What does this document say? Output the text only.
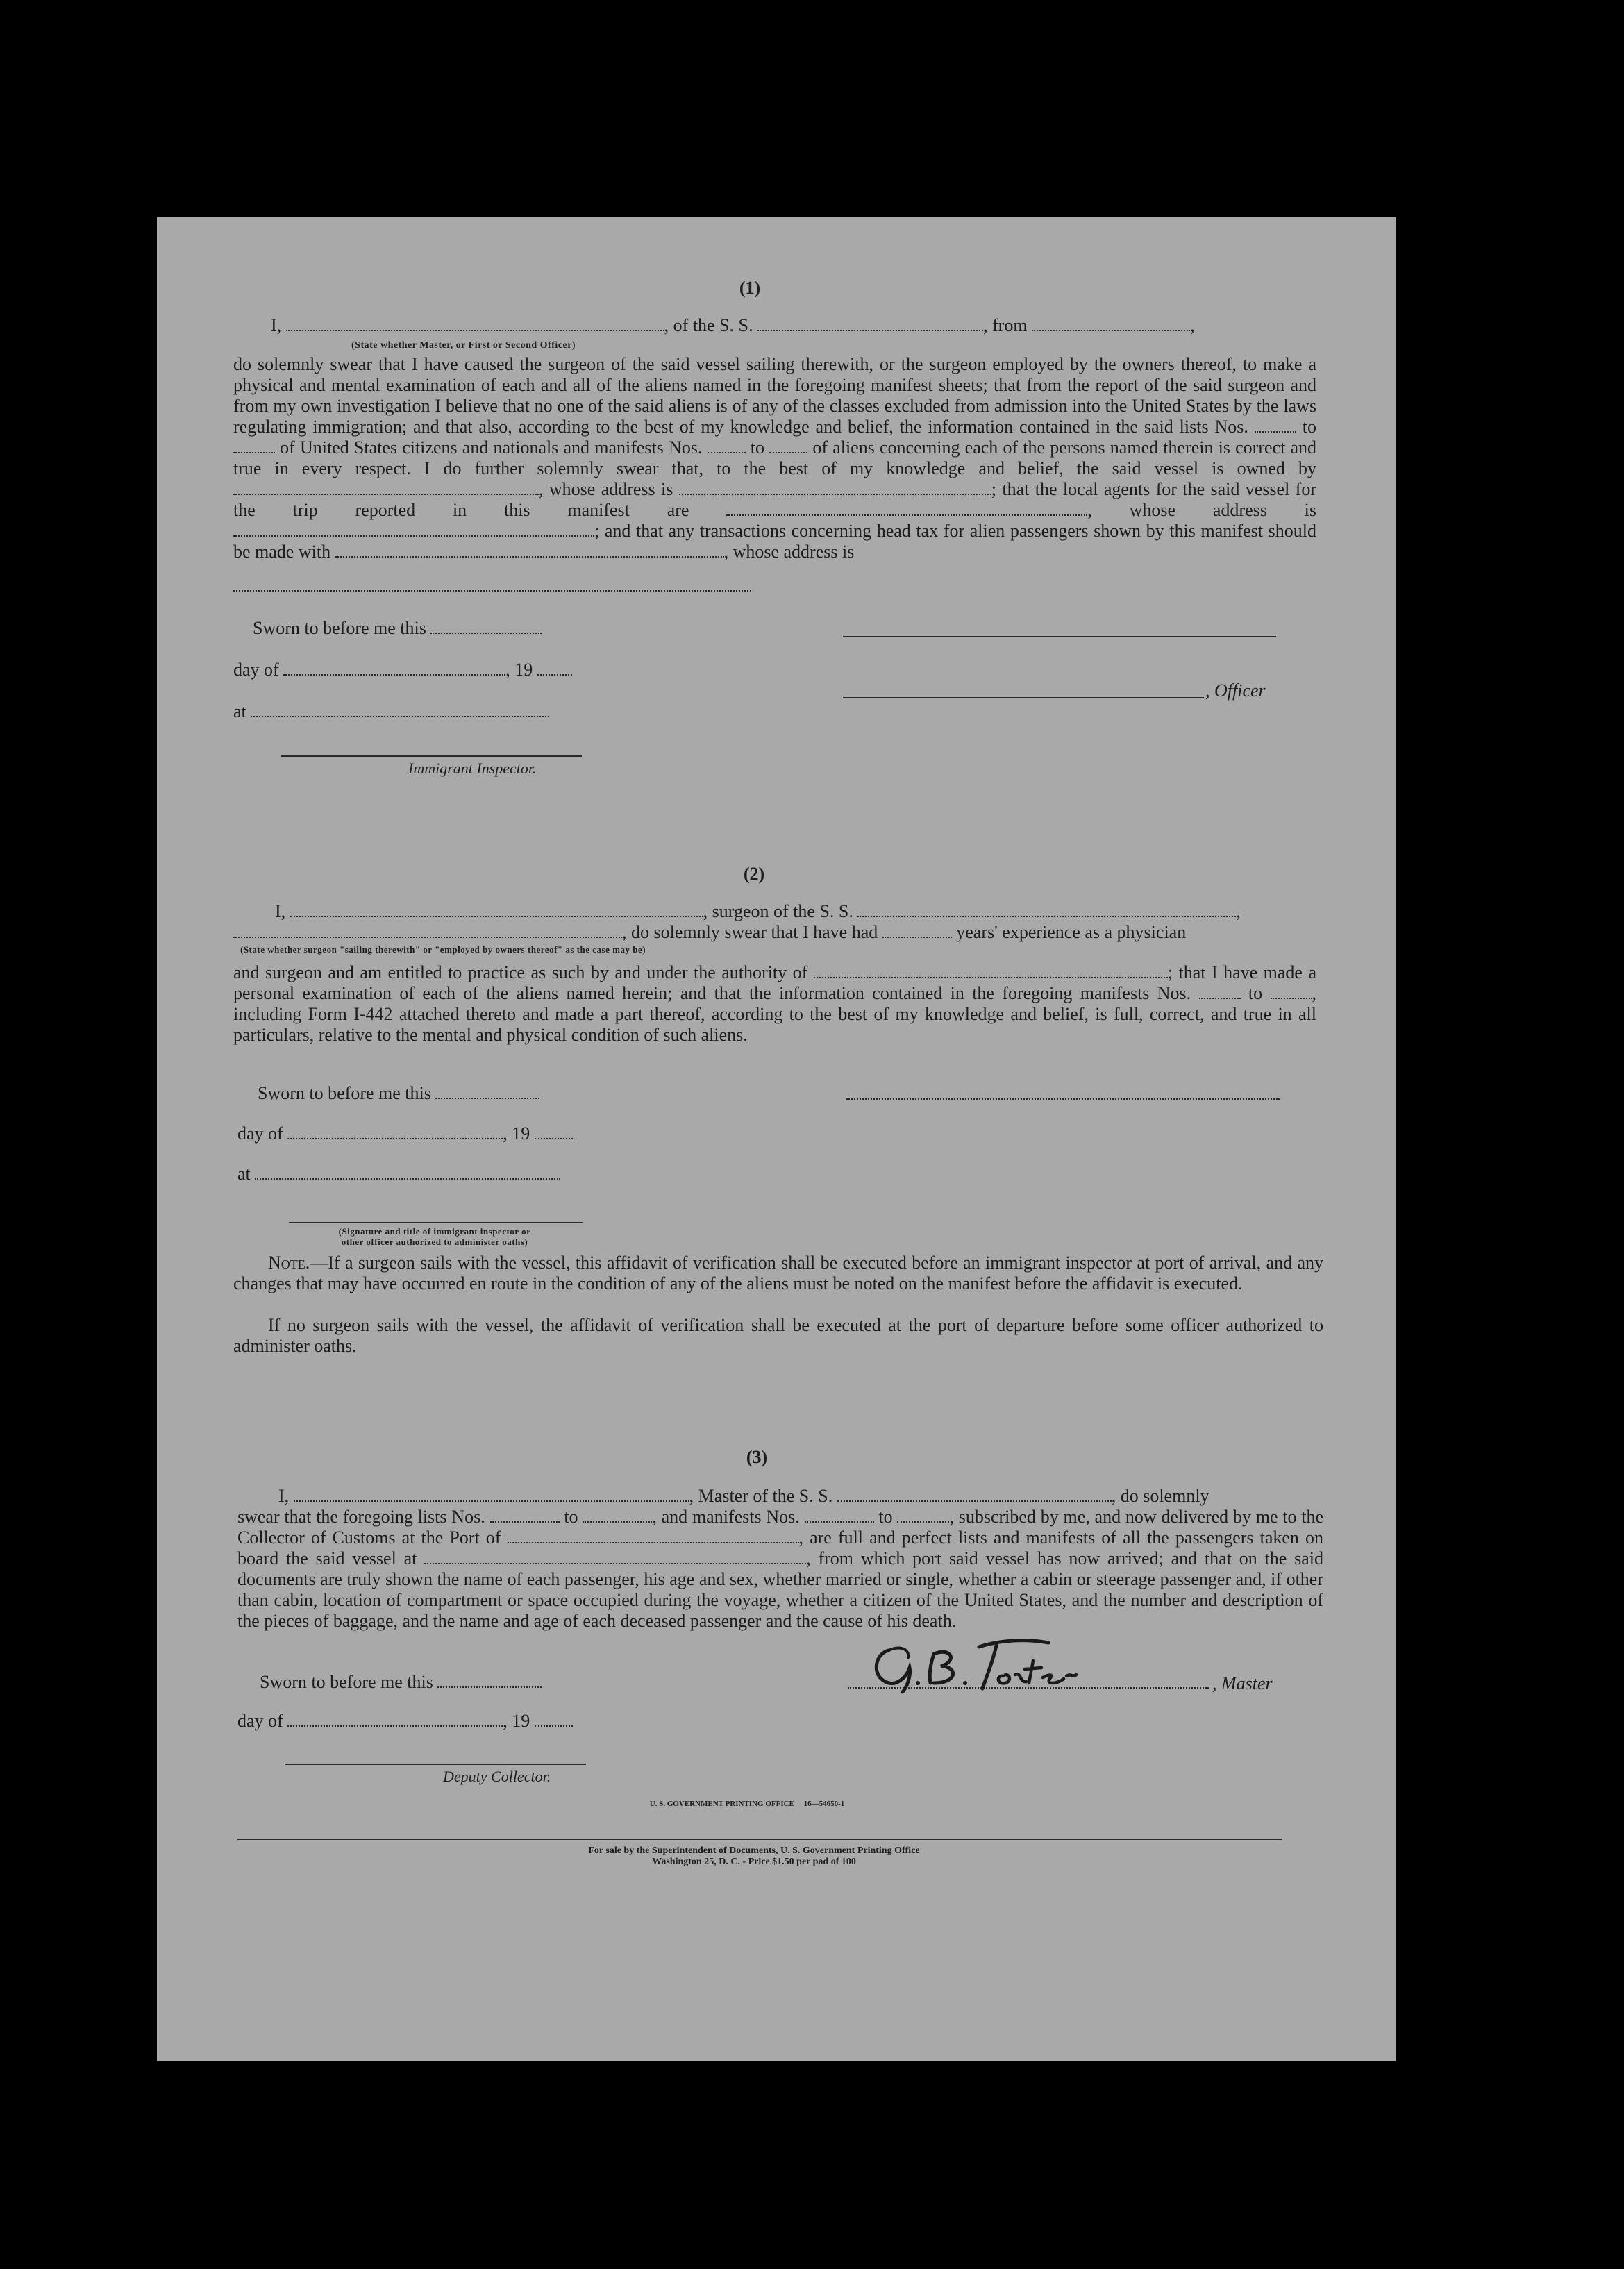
(1)
I,	, of the S. S.	, from	,
(State whether Master, or First or Second Officer)
do solemnly swear that I have caused the surgeon of the said vessel sailing therewith, or the surgeon employed by the owners thereof, to make a physical and mental examination of each and all of the aliens named in the foregoing manifest sheets; that from the report of the said surgeon and from my own investigation I believe that no one of the said aliens is of any of the classes excluded from admission into the United States by the laws regulating immigration; and that also, according to the best of my knowledge and belief, the information contained in the said lists Nos.	to  of United States citizens and nationals and manifests Nos.	to	of aliens concerning each of the persons named therein is correct and true in every respect. I do further solemnly swear that, to the best of my knowledge and belief, the said vessel is owned by , whose address is	; that the local agents for the said vessel for the trip reported in this manifest are	, whose address is ; and that any transactions concerning head tax for alien passengers shown by this manifest should be made with	, whose address is
Sworn to before me this
day of	, 19
, Officer
at
Immigrant Inspector.
(2)
I,	, surgeon of the S. S.	,
, do solemnly swear that I have had	years' experience as a physician
(State whether surgeon "sailing therewith" or "employed by owners thereof" as the case may be)
and surgeon and am entitled to practice as such by and under the authority of	; that I have made a personal examination of each of the aliens named herein; and that the information contained in the foregoing manifests Nos.	to	, including Form I-442 attached thereto and made a part thereof, according to the best of my knowledge and belief, is full, correct, and true in all particulars, relative to the mental and physical condition of such aliens.
Sworn to before me this
day of	, 19
at
(Signature and title of immigrant inspector or
other officer authorized to administer oaths)
Note.—If a surgeon sails with the vessel, this affidavit of verification shall be executed before an immigrant inspector at port of arrival, and any changes that may have occurred en route in the condition of any of the aliens must be noted on the manifest before the affidavit is executed.
If no surgeon sails with the vessel, the affidavit of verification shall be executed at the port of departure before some officer authorized to administer oaths.
(3)
I,	, Master of the S. S.	, do solemnly
swear that the foregoing lists Nos.	to	, and manifests Nos.	to	, subscribed by me, and now delivered by me to the Collector of Customs at the Port of	, are full and perfect lists and manifests of all the passengers taken on board the said vessel at	, from which port said vessel has now arrived; and that on the said documents are truly shown the name of each passenger, his age and sex, whether married or single, whether a cabin or steerage passenger and, if other than cabin, location of compartment or space occupied during the voyage, whether a citizen of the United States, and the number and description of the pieces of baggage, and the name and age of each deceased passenger and the cause of his death.
Sworn to before me this	, Master
day of	, 19
Deputy Collector.
U. S. GOVERNMENT PRINTING OFFICE     16—54650-1
For sale by the Superintendent of Documents, U. S. Government Printing Office
Washington 25, D. C. - Price $1.50 per pad of 100
